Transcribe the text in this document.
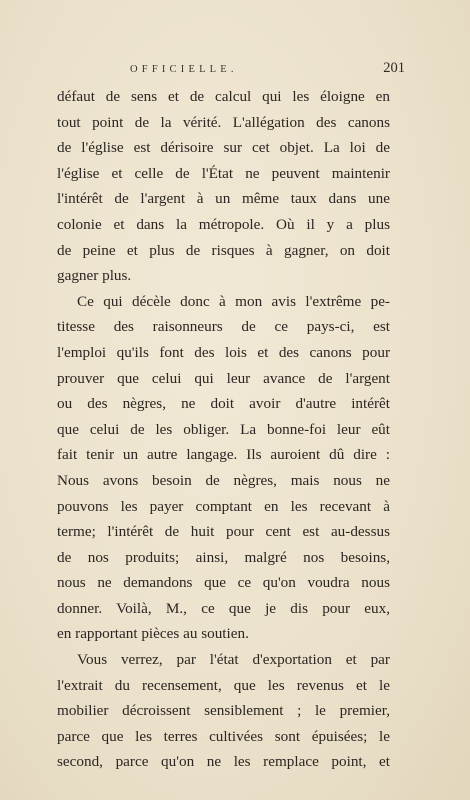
OFFICIELLE.	201
défaut de sens et de calcul qui les éloigne en
tout point de la vérité. L'allégation des canons
de l'église est dérisoire sur cet objet. La loi de
l'église et celle de l'État ne peuvent maintenir
l'intérêt de l'argent à un même taux dans une
colonie et dans la métropole. Où il y a plus
de peine et plus de risques à gagner, on doit
gagner plus.
Ce qui décèle donc à mon avis l'extrême pe-
titesse des raisonneurs de ce pays-ci, est
l'emploi qu'ils font des lois et des canons pour
prouver que celui qui leur avance de l'argent
ou des nègres, ne doit avoir d'autre intérêt
que celui de les obliger. La bonne-foi leur eût
fait tenir un autre langage. Ils auroient dû dire :
Nous avons besoin de nègres, mais nous ne
pouvons les payer comptant en les recevant à
terme; l'intérêt de huit pour cent est au-dessus
de nos produits; ainsi, malgré nos besoins,
nous ne demandons que ce qu'on voudra nous
donner. Voilà, M., ce que je dis pour eux,
en rapportant pièces au soutien.
Vous verrez, par l'état d'exportation et par
l'extrait du recensement, que les revenus et le
mobilier décroissent sensiblement ; le premier,
parce que les terres cultivées sont épuisées; le
second, parce qu'on ne les remplace point, et
